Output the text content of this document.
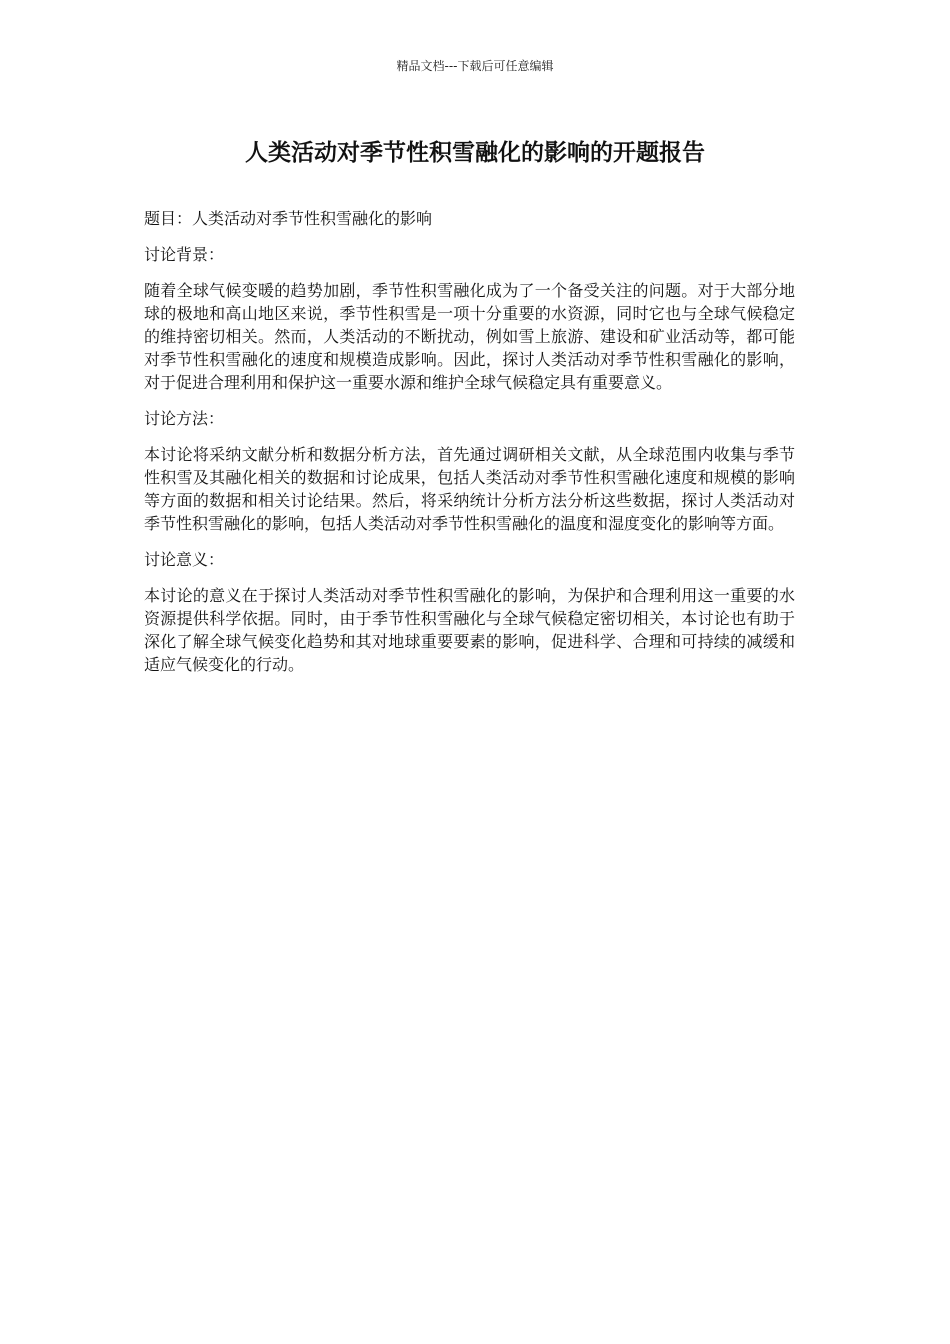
精品文档---下载后可任意编辑
人类活动对季节性积雪融化的影响的开题报告

题目：人类活动对季节性积雪融化的影响

讨论背景：

随着全球气候变暖的趋势加剧，季节性积雪融化成为了一个备受关注的问题。对于大部分地球的极地和高山地区来说，季节性积雪是一项十分重要的水资源，同时它也与全球气候稳定的维持密切相关。然而，人类活动的不断扰动，例如雪上旅游、建设和矿业活动等，都可能对季节性积雪融化的速度和规模造成影响。因此，探讨人类活动对季节性积雪融化的影响，对于促进合理利用和保护这一重要水源和维护全球气候稳定具有重要意义。

讨论方法：

本讨论将采纳文献分析和数据分析方法，首先通过调研相关文献，从全球范围内收集与季节性积雪及其融化相关的数据和讨论成果，包括人类活动对季节性积雪融化速度和规模的影响等方面的数据和相关讨论结果。然后，将采纳统计分析方法分析这些数据，探讨人类活动对季节性积雪融化的影响，包括人类活动对季节性积雪融化的温度和湿度变化的影响等方面。

讨论意义：

本讨论的意义在于探讨人类活动对季节性积雪融化的影响，为保护和合理利用这一重要的水资源提供科学依据。同时，由于季节性积雪融化与全球气候稳定密切相关，本讨论也有助于深化了解全球气候变化趋势和其对地球重要要素的影响，促进科学、合理和可持续的减缓和适应气候变化的行动。
